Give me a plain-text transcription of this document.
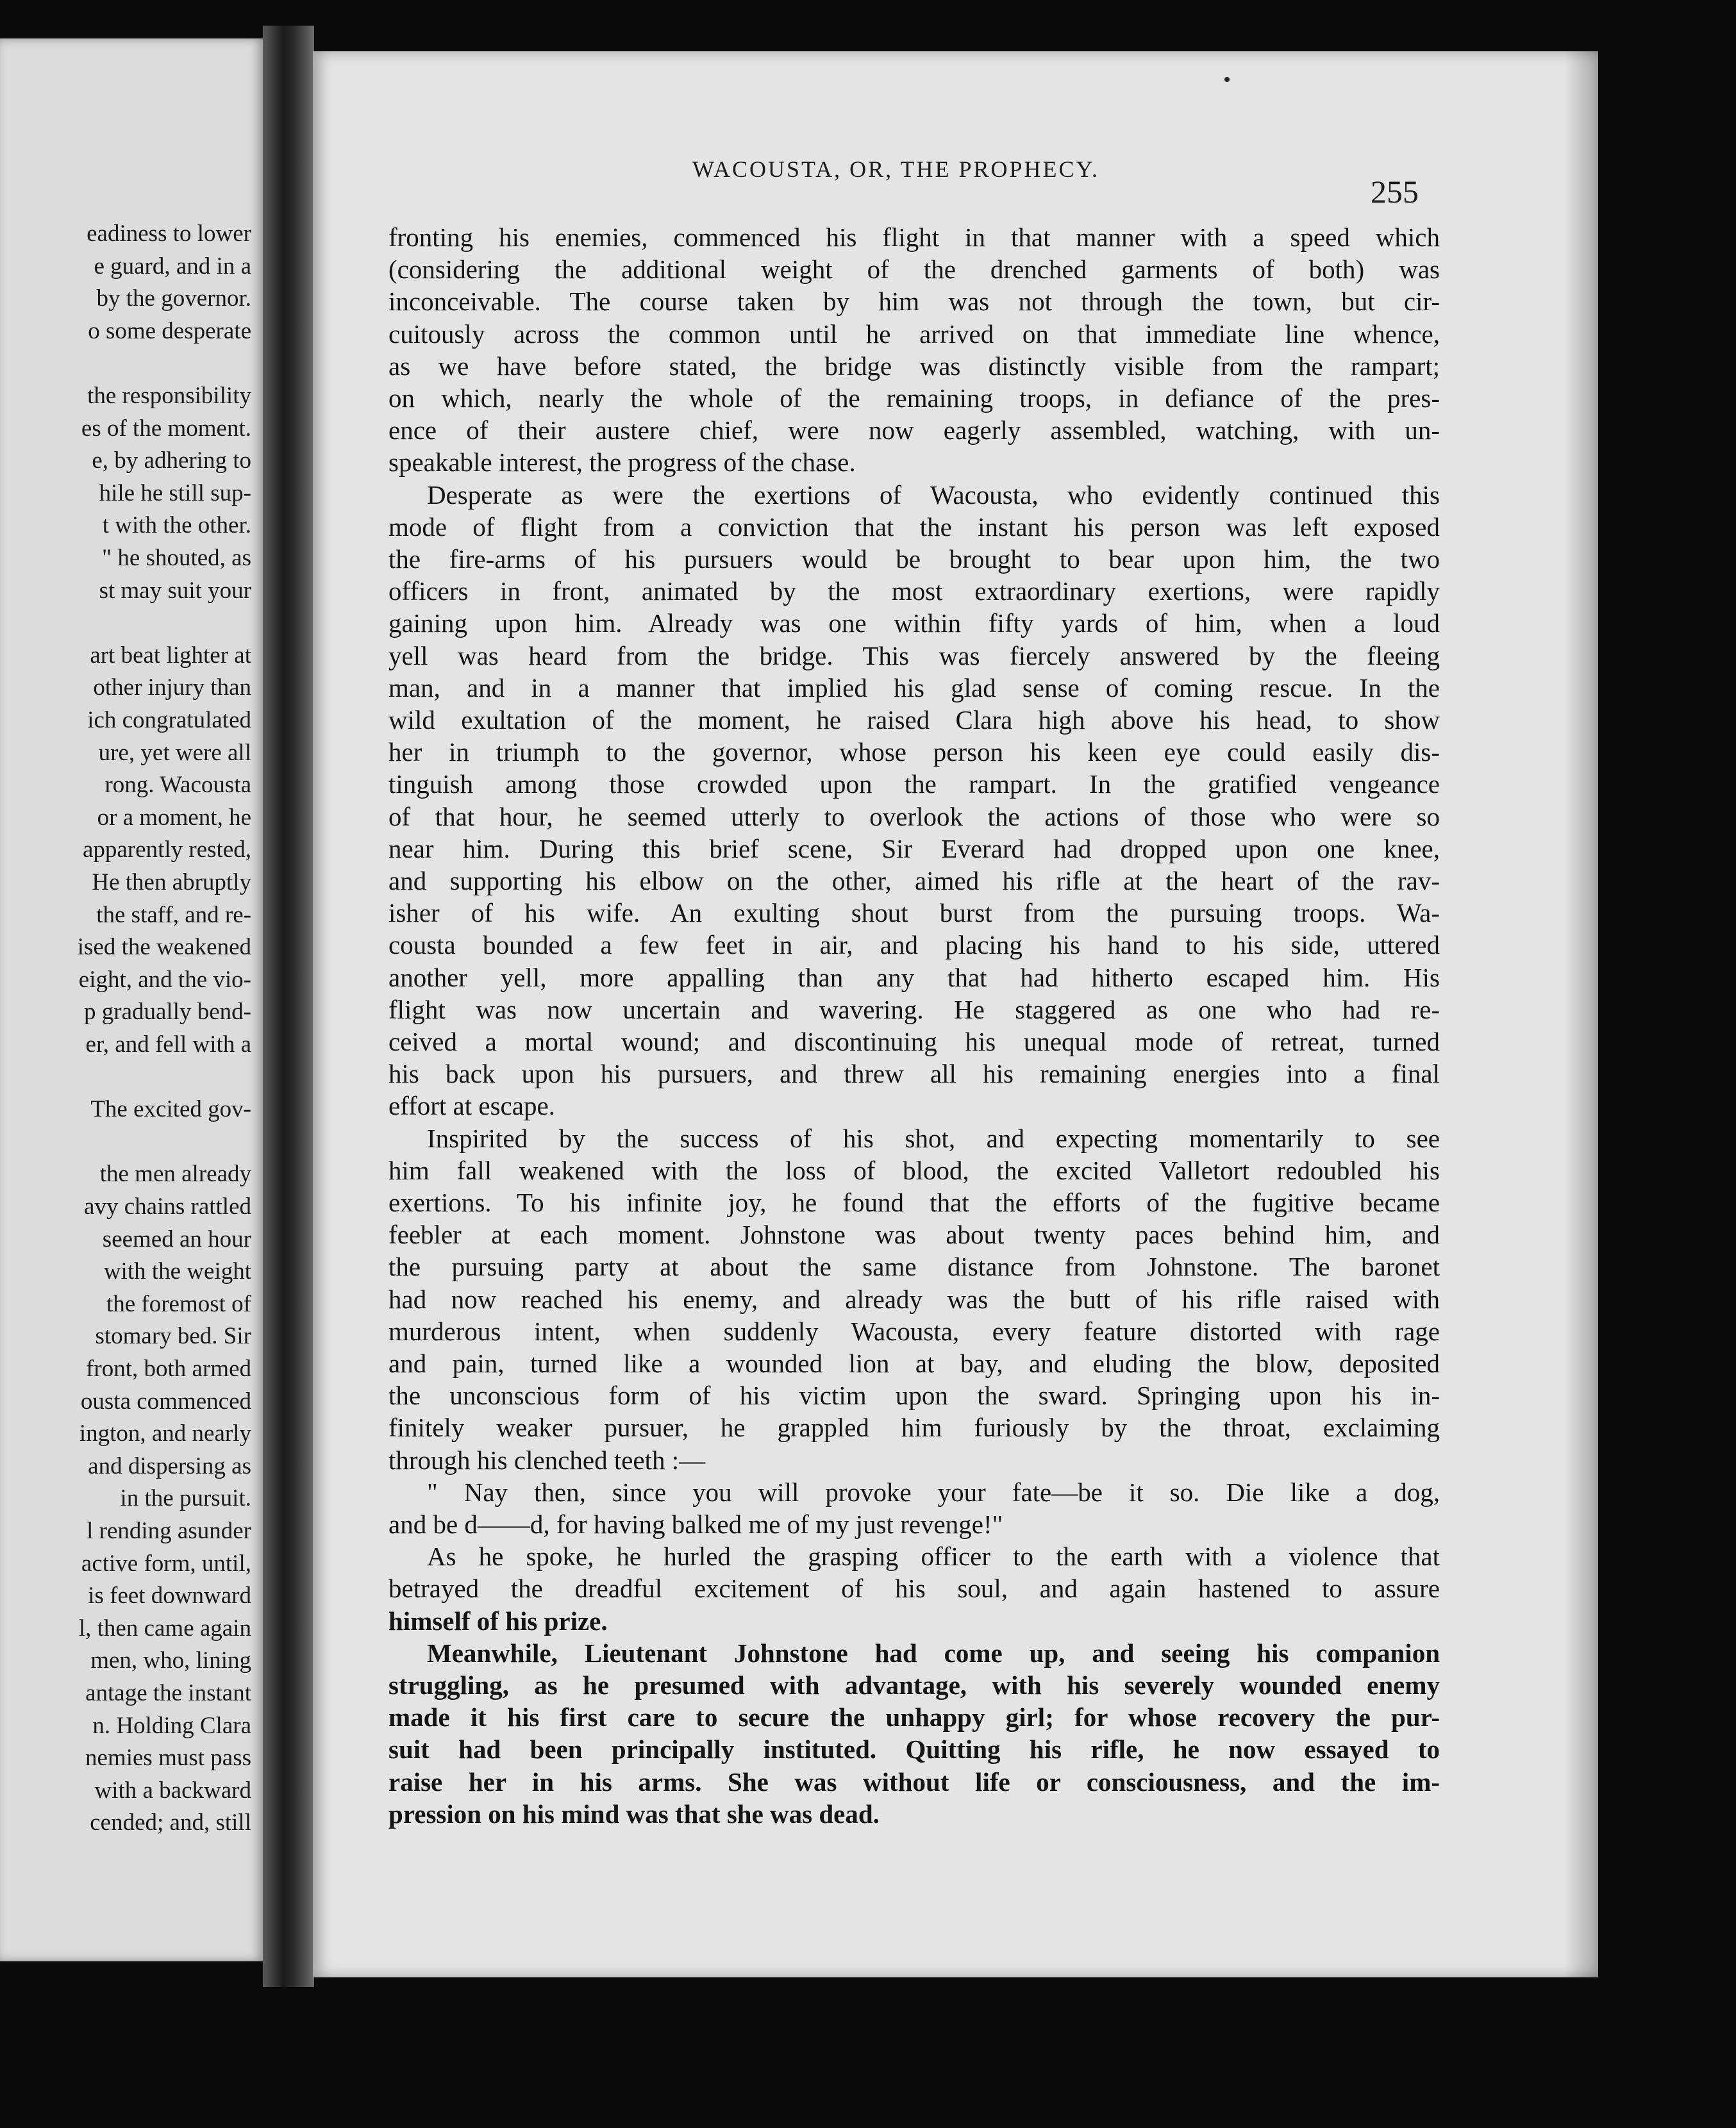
eadiness to lower
e guard, and in a
by the governor.
o some desperate
the responsibility
es of the moment.
e, by adhering to
hile he still sup-
t with the other.
" he shouted, as
st may suit your
art beat lighter at
other injury than
ich congratulated
ure, yet were all
rong. Wacousta
or a moment, he
apparently rested,
He then abruptly
the staff, and re-
ised the weakened
eight, and the vio-
p gradually bend-
er, and fell with a
The excited gov-
the men already
avy chains rattled
seemed an hour
with the weight
the foremost of
stomary bed. Sir
front, both armed
ousta commenced
ington, and nearly
and dispersing as
in the pursuit.
l rending asunder
active form, until,
is feet downward
l, then came again
men, who, lining
antage the instant
n. Holding Clara
nemies must pass
with a backward
cended; and, still
WACOUSTA, OR, THE PROPHECY.
255
fronting his enemies, commenced his flight in that manner with a speed which
(considering the additional weight of the drenched garments of both) was
inconceivable. The course taken by him was not through the town, but cir-
cuitously across the common until he arrived on that immediate line whence,
as we have before stated, the bridge was distinctly visible from the rampart;
on which, nearly the whole of the remaining troops, in defiance of the pres-
ence of their austere chief, were now eagerly assembled, watching, with un-
speakable interest, the progress of the chase.
Desperate as were the exertions of Wacousta, who evidently continued this
mode of flight from a conviction that the instant his person was left exposed
the fire-arms of his pursuers would be brought to bear upon him, the two
officers in front, animated by the most extraordinary exertions, were rapidly
gaining upon him. Already was one within fifty yards of him, when a loud
yell was heard from the bridge. This was fiercely answered by the fleeing
man, and in a manner that implied his glad sense of coming rescue. In the
wild exultation of the moment, he raised Clara high above his head, to show
her in triumph to the governor, whose person his keen eye could easily dis-
tinguish among those crowded upon the rampart. In the gratified vengeance
of that hour, he seemed utterly to overlook the actions of those who were so
near him. During this brief scene, Sir Everard had dropped upon one knee,
and supporting his elbow on the other, aimed his rifle at the heart of the rav-
isher of his wife. An exulting shout burst from the pursuing troops. Wa-
cousta bounded a few feet in air, and placing his hand to his side, uttered
another yell, more appalling than any that had hitherto escaped him. His
flight was now uncertain and wavering. He staggered as one who had re-
ceived a mortal wound; and discontinuing his unequal mode of retreat, turned
his back upon his pursuers, and threw all his remaining energies into a final
effort at escape.
Inspirited by the success of his shot, and expecting momentarily to see
him fall weakened with the loss of blood, the excited Valletort redoubled his
exertions. To his infinite joy, he found that the efforts of the fugitive became
feebler at each moment. Johnstone was about twenty paces behind him, and
the pursuing party at about the same distance from Johnstone. The baronet
had now reached his enemy, and already was the butt of his rifle raised with
murderous intent, when suddenly Wacousta, every feature distorted with rage
and pain, turned like a wounded lion at bay, and eluding the blow, deposited
the unconscious form of his victim upon the sward. Springing upon his in-
finitely weaker pursuer, he grappled him furiously by the throat, exclaiming
through his clenched teeth :—
" Nay then, since you will provoke your fate—be it so. Die like a dog,
and be d——d, for having balked me of my just revenge!"
As he spoke, he hurled the grasping officer to the earth with a violence that
betrayed the dreadful excitement of his soul, and again hastened to assure
himself of his prize.
Meanwhile, Lieutenant Johnstone had come up, and seeing his companion
struggling, as he presumed with advantage, with his severely wounded enemy
made it his first care to secure the unhappy girl; for whose recovery the pur-
suit had been principally instituted. Quitting his rifle, he now essayed to
raise her in his arms. She was without life or consciousness, and the im-
pression on his mind was that she was dead.
